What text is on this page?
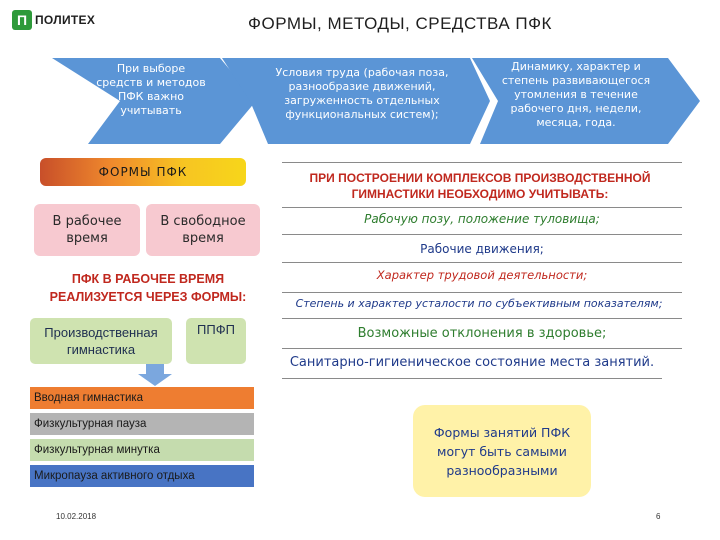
П ПОЛИТЕХ	ФОРМЫ, МЕТОДЫ, СРЕДСТВА ПФК
При выборе средств и методов ПФК важно учитывать
Условия труда (рабочая поза, разнообразие движений, загруженность отдельных функциональных систем);
Динамику, характер и степень развивающегося утомления в течение рабочего дня, недели, месяца, года.
ФОРМЫ ПФК
В рабочее время
В свободное время
ПФК В РАБОЧЕЕ ВРЕМЯ РЕАЛИЗУЕТСЯ ЧЕРЕЗ ФОРМЫ:
Производственная гимнастика
ППФП
Вводная гимнастика
Физкультурная пауза
Физкультурная минутка
Микропауза активного отдыха
ПРИ ПОСТРОЕНИИ КОМПЛЕКСОВ ПРОИЗВОДСТВЕННОЙ ГИМНАСТИКИ НЕОБХОДИМО УЧИТЫВАТЬ:
Рабочую позу, положение туловища;
Рабочие движения;
Характер трудовой деятельности;
Степень и характер усталости по субъективным показателям;
Возможные отклонения в здоровье;
Санитарно-гигиеническое состояние места занятий.
Формы занятий ПФК могут быть самыми разнообразными
10.02.2018	6
